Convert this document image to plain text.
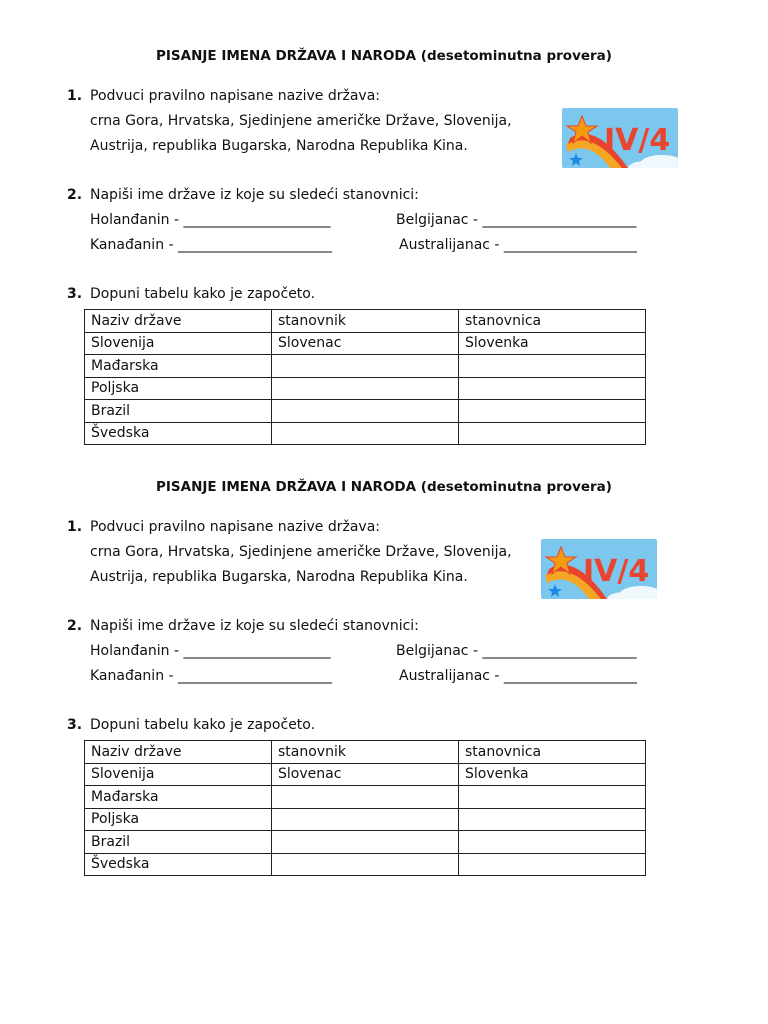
PISANJE IMENA DRŽAVA I NARODA (desetominutna provera)
1. Podvuci pravilno napisane nazive država:
crna Gora, Hrvatska, Sjedinjene američke Države, Slovenija,
Austrija, republika Bugarska, Narodna Republika Kina.	IV/4
2. Napiši ime države iz koje su sledeći stanovnici:
Holanđanin - _____________________	Belgijanac - ______________________
Kanađanin - ______________________	Australijanac - ___________________
3. Dopuni tabelu kako je započeto.
Naziv države	stanovnik	stanovnica
Slovenija	Slovenac	Slovenka
Mađarska		
Poljska		
Brazil		
Švedska		
PISANJE IMENA DRŽAVA I NARODA (desetominutna provera)
1. Podvuci pravilno napisane nazive država:
crna Gora, Hrvatska, Sjedinjene američke Države, Slovenija,
Austrija, republika Bugarska, Narodna Republika Kina.	IV/4
2. Napiši ime države iz koje su sledeći stanovnici:
Holanđanin - _____________________	Belgijanac - ______________________
Kanađanin - ______________________	Australijanac - ___________________
3. Dopuni tabelu kako je započeto.
Naziv države	stanovnik	stanovnica
Slovenija	Slovenac	Slovenka
Mađarska		
Poljska		
Brazil		
Švedska		
